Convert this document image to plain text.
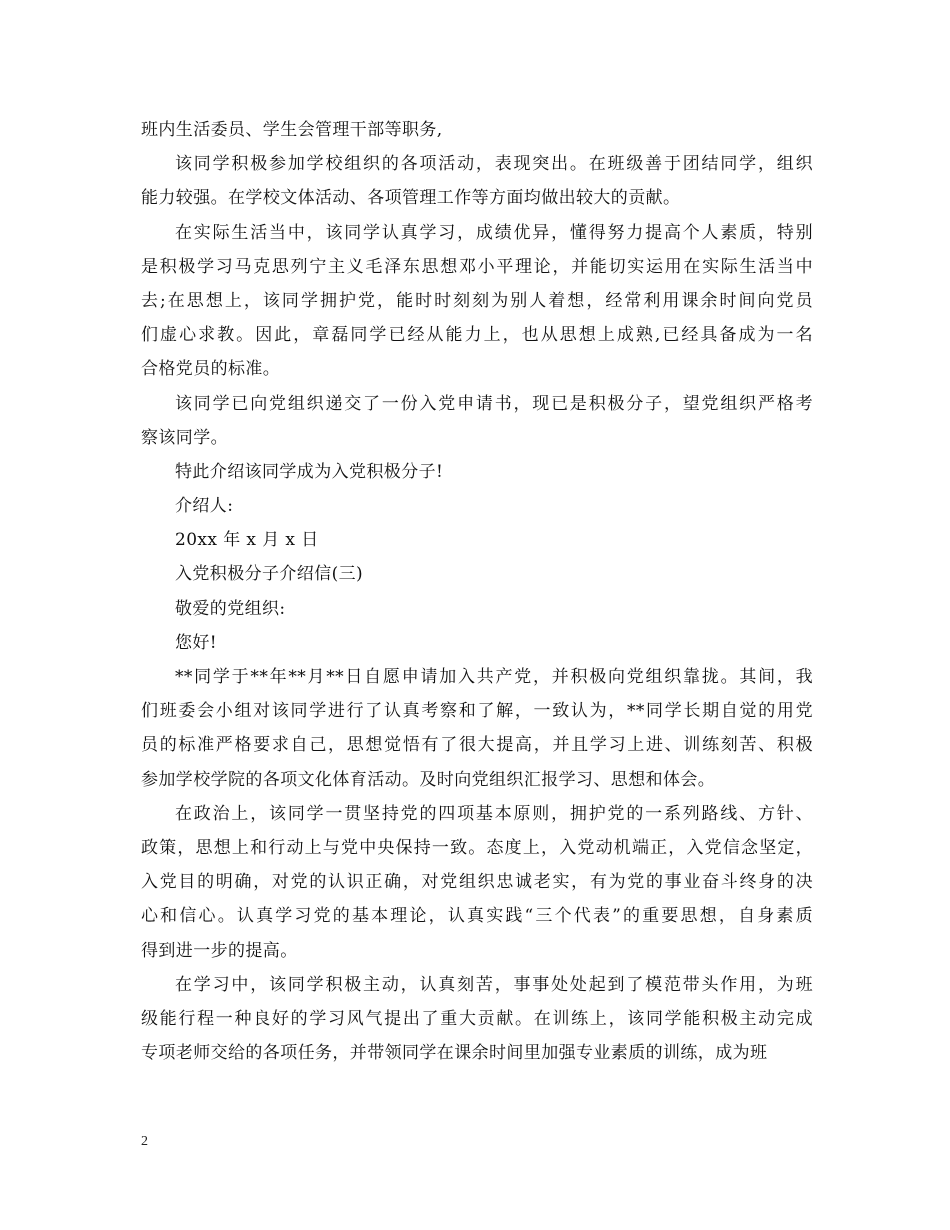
班内生活委员、学生会管理干部等职务,
该同学积极参加学校组织的各项活动，表现突出。在班级善于团结同学，组织
能力较强。在学校文体活动、各项管理工作等方面均做出较大的贡献。
在实际生活当中，该同学认真学习，成绩优异，懂得努力提高个人素质，特别
是积极学习马克思列宁主义毛泽东思想邓小平理论，并能切实运用在实际生活当中
去;在思想上，该同学拥护党，能时时刻刻为别人着想，经常利用课余时间向党员
们虚心求教。因此，章磊同学已经从能力上，也从思想上成熟,已经具备成为一名
合格党员的标准。
该同学已向党组织递交了一份入党申请书，现已是积极分子，望党组织严格考
察该同学。
特此介绍该同学成为入党积极分子!
介绍人:
20xx 年 x 月 x 日
入党积极分子介绍信(三)
敬爱的党组织:
您好!
**同学于**年**月**日自愿申请加入共产党，并积极向党组织靠拢。其间，我
们班委会小组对该同学进行了认真考察和了解，一致认为，**同学长期自觉的用党
员的标准严格要求自己，思想觉悟有了很大提高，并且学习上进、训练刻苦、积极
参加学校学院的各项文化体育活动。及时向党组织汇报学习、思想和体会。
在政治上，该同学一贯坚持党的四项基本原则，拥护党的一系列路线、方针、
政策，思想上和行动上与党中央保持一致。态度上，入党动机端正，入党信念坚定，
入党目的明确，对党的认识正确，对党组织忠诚老实，有为党的事业奋斗终身的决
心和信心。认真学习党的基本理论，认真实践“三个代表”的重要思想，自身素质
得到进一步的提高。
在学习中，该同学积极主动，认真刻苦，事事处处起到了模范带头作用，为班
级能行程一种良好的学习风气提出了重大贡献。在训练上，该同学能积极主动完成
专项老师交给的各项任务，并带领同学在课余时间里加强专业素质的训练，成为班
2
